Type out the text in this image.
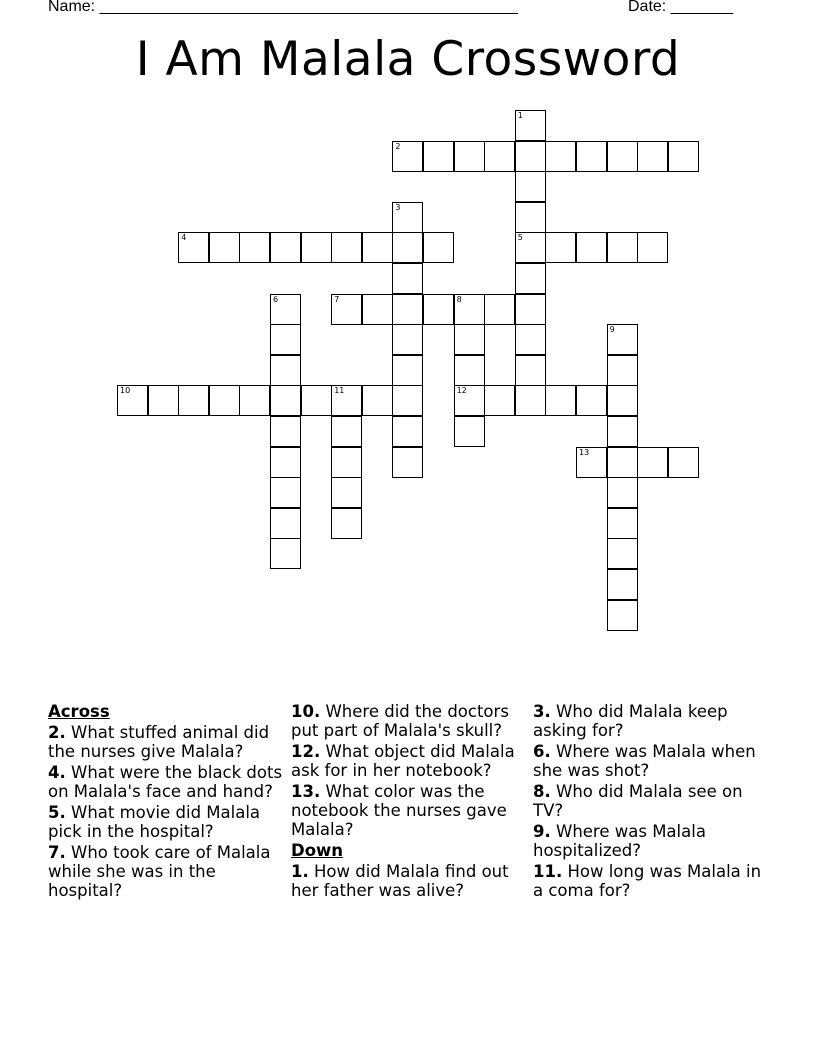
Name: _______________________________________________	Date: _______
I Am Malala Crossword
1
5
2
3
4
6	7	8
12
9
10	11
13
Across
2. What stuffed animal did the nurses give Malala?
4. What were the black dots on Malala's face and hand?
5. What movie did Malala pick in the hospital?
7. Who took care of Malala while she was in the hospital?
10. Where did the doctors put part of Malala's skull?
12. What object did Malala ask for in her notebook?
13. What color was the notebook the nurses gave Malala?
Down
1. How did Malala find out her father was alive?
3. Who did Malala keep asking for?
6. Where was Malala when she was shot?
8. Who did Malala see on TV?
9. Where was Malala hospitalized?
11. How long was Malala in a coma for?
